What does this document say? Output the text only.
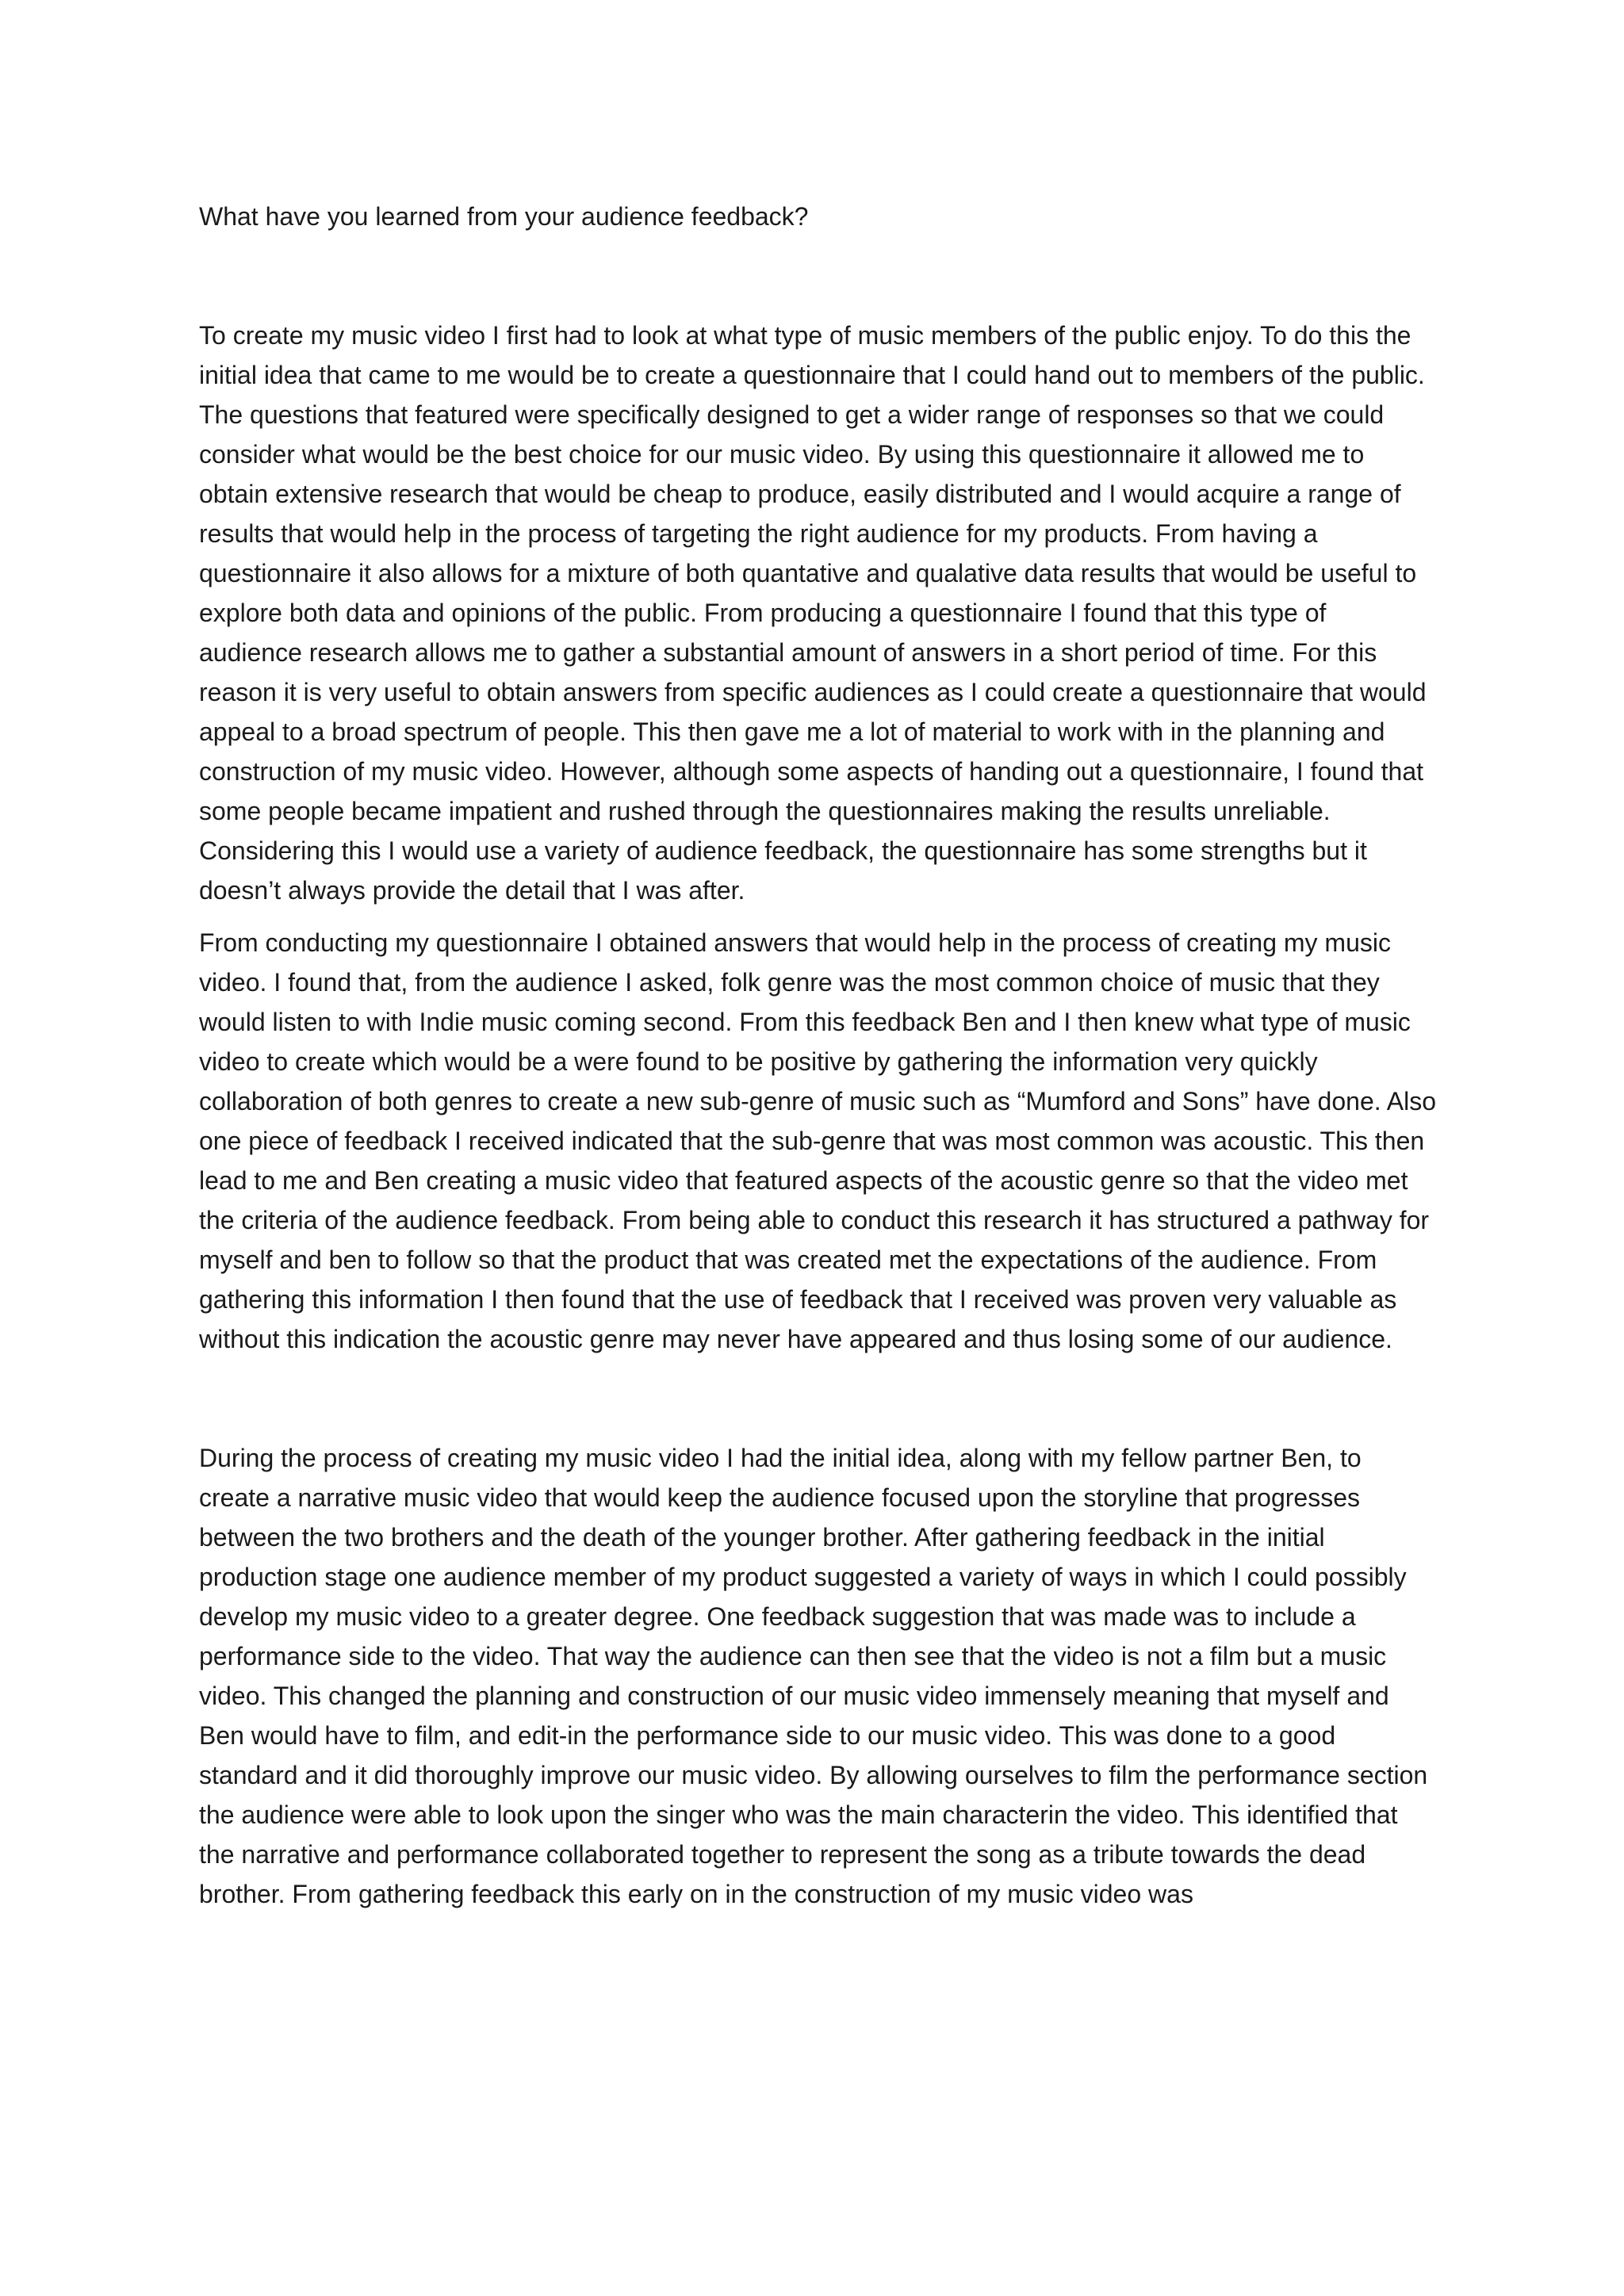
What have you learned from your audience feedback?

To create my music video I first had to look at what type of music members of the public enjoy. To do this the initial idea that came to me would be to create a questionnaire that I could hand out to members of the public. The questions that featured were specifically designed to get a wider range of responses so that we could consider what would be the best choice for our music video. By using this questionnaire it allowed me to obtain extensive research that would be cheap to produce, easily distributed and I would acquire a range of results that would help in the process of targeting the right audience for my products. From having a questionnaire it also allows for a mixture of both quantative and qualative data results that would be useful to explore both data and opinions of the public. From producing a questionnaire I found that this type of audience research allows me to gather a substantial amount of answers in a short period of time. For this reason it is very useful to obtain answers from specific audiences as I could create a questionnaire that would appeal to a broad spectrum of people. This then gave me a lot of material to work with in the planning and construction of my music video. However, although some aspects of handing out a questionnaire, I found that some people became impatient and rushed through the questionnaires making the results unreliable. Considering this I would use a variety of audience feedback, the questionnaire has some strengths but it doesn’t always provide the detail that I was after.

From conducting my questionnaire I obtained answers that would help in the process of creating my music video. I found that, from the audience I asked, folk genre was the most common choice of music that they would listen to with Indie music coming second. From this feedback Ben and I then knew what type of music video to create which would be a were found to be positive by gathering the information very quickly collaboration of both genres to create a new sub-genre of music such as “Mumford and Sons” have done. Also one piece of feedback I received indicated that the sub-genre that was most common was acoustic. This then lead to me and Ben creating a music video that featured aspects of the acoustic genre so that the video met the criteria of the audience feedback. From being able to conduct this research it has structured a pathway for myself and ben to follow so that the product that was created met the expectations of the audience. From gathering this information I then found that the use of feedback that I received was proven very valuable as without this indication the acoustic genre may never have appeared and thus losing some of our audience.

During the process of creating my music video I had the initial idea, along with my fellow partner Ben, to create a narrative music video that would keep the audience focused upon the storyline that progresses between the two brothers and the death of the younger brother. After gathering feedback in the initial production stage one audience member of my product suggested a variety of ways in which I could possibly develop my music video to a greater degree. One feedback suggestion that was made was to include a performance side to the video. That way the audience can then see that the video is not a film but a music video. This changed the planning and construction of our music video immensely meaning that myself and Ben would have to film, and edit-in the performance side to our music video. This was done to a good standard and it did thoroughly improve our music video. By allowing ourselves to film the performance section the audience were able to look upon the singer who was the main characterin the video. This identified that the narrative and performance collaborated together to represent the song as a tribute towards the dead brother. From gathering feedback this early on in the construction of my music video was
